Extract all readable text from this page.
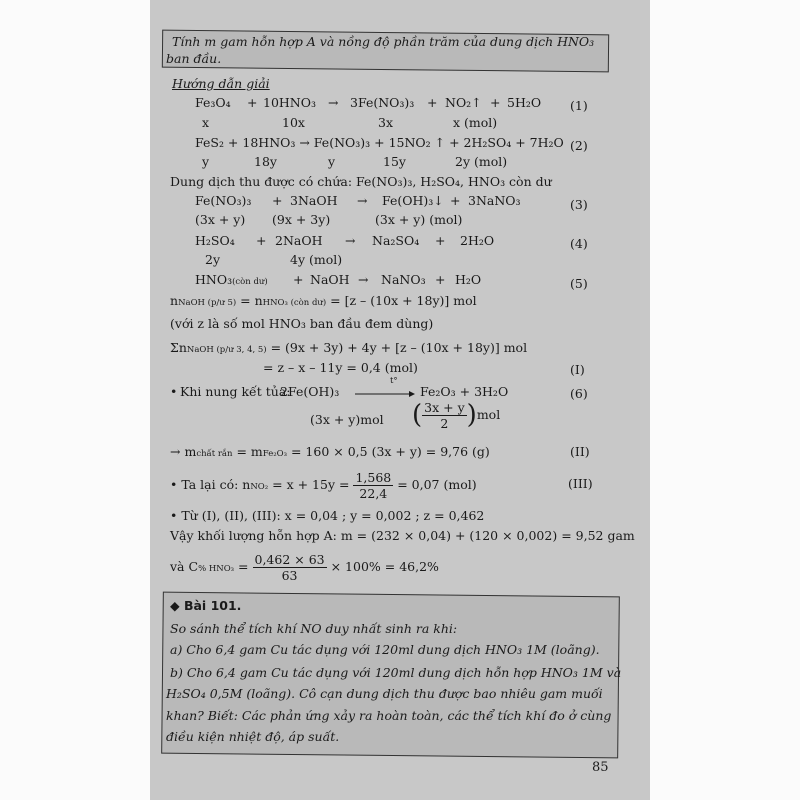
Tính m gam hỗn hợp A và nồng độ phần trăm của dung dịch HNO₃
ban đầu.
Hướng dẫn giải
Fe₃O₄ + 10HNO₃ → 3Fe(NO₃)₃ + NO₂↑ + 5H₂O (1)
x	10x	3x	x (mol)
FeS₂ + 18HNO₃ → Fe(NO₃)₃ + 15NO₂ ↑ + 2H₂SO₄ + 7H₂O (2)
y	18y	y	15y	2y (mol)
Dung dịch thu được có chứa: Fe(NO₃)₃, H₂SO₄, HNO₃ còn dư
Fe(NO₃)₃ + 3NaOH → Fe(OH)₃↓ + 3NaNO₃	(3)
(3x + y) (9x + 3y)	(3x + y) (mol)
H₂SO₄ + 2NaOH → Na₂SO₄ + 2H₂O	(4)
2y	4y (mol)
HNO₃(còn dư) + NaOH → NaNO₃ + H₂O	(5)
nNaOH (p/ư 5) = nHNO₃ (còn dư) = [z – (10x + 18y)] mol
(với z là số mol HNO₃ ban đầu đem dùng)
ΣnNaOH (p/ư 3, 4, 5) = (9x + 3y) + 4y + [z – (10x + 18y)] mol
= z – x – 11y = 0,4 (mol)	(I)
• Khi nung kết tủa:
2Fe(OH)₃
t°
Fe₂O₃ + 3H₂O	(6)
(3x + y)mol ( $\frac{3x + y}{2} )mol$
→ mchất rắn = mFe₂O₃ = 160 × 0,5 (3x + y) = 9,76 (g)	(II)
• Ta lại có: $nNO_2 = x + 15y = \frac{1,568}{22,4} = 0,07$ (mol)	(III)
• Từ (I), (II), (III): x = 0,04 ; y = 0,002 ; z = 0,462
Vậy khối lượng hỗn hợp A: m = (232 × 0,04) + (120 × 0,002) = 9,52 gam
và C% $HNO_3 = \frac{0,462 \times 63}{63} \times 100\% = 46,2\%$
◆ Bài 101.
So sánh thể tích khí NO duy nhất sinh ra khi:
a) Cho 6,4 gam Cu tác dụng với 120ml dung dịch HNO₃ 1M (loãng).
b) Cho 6,4 gam Cu tác dụng với 120ml dung dịch hỗn hợp HNO₃ 1M và
H₂SO₄ 0,5M (loãng). Cô cạn dung dịch thu được bao nhiêu gam muối
khan? Biết: Các phản ứng xảy ra hoàn toàn, các thể tích khí đo ở cùng
điều kiện nhiệt độ, áp suất.
85
